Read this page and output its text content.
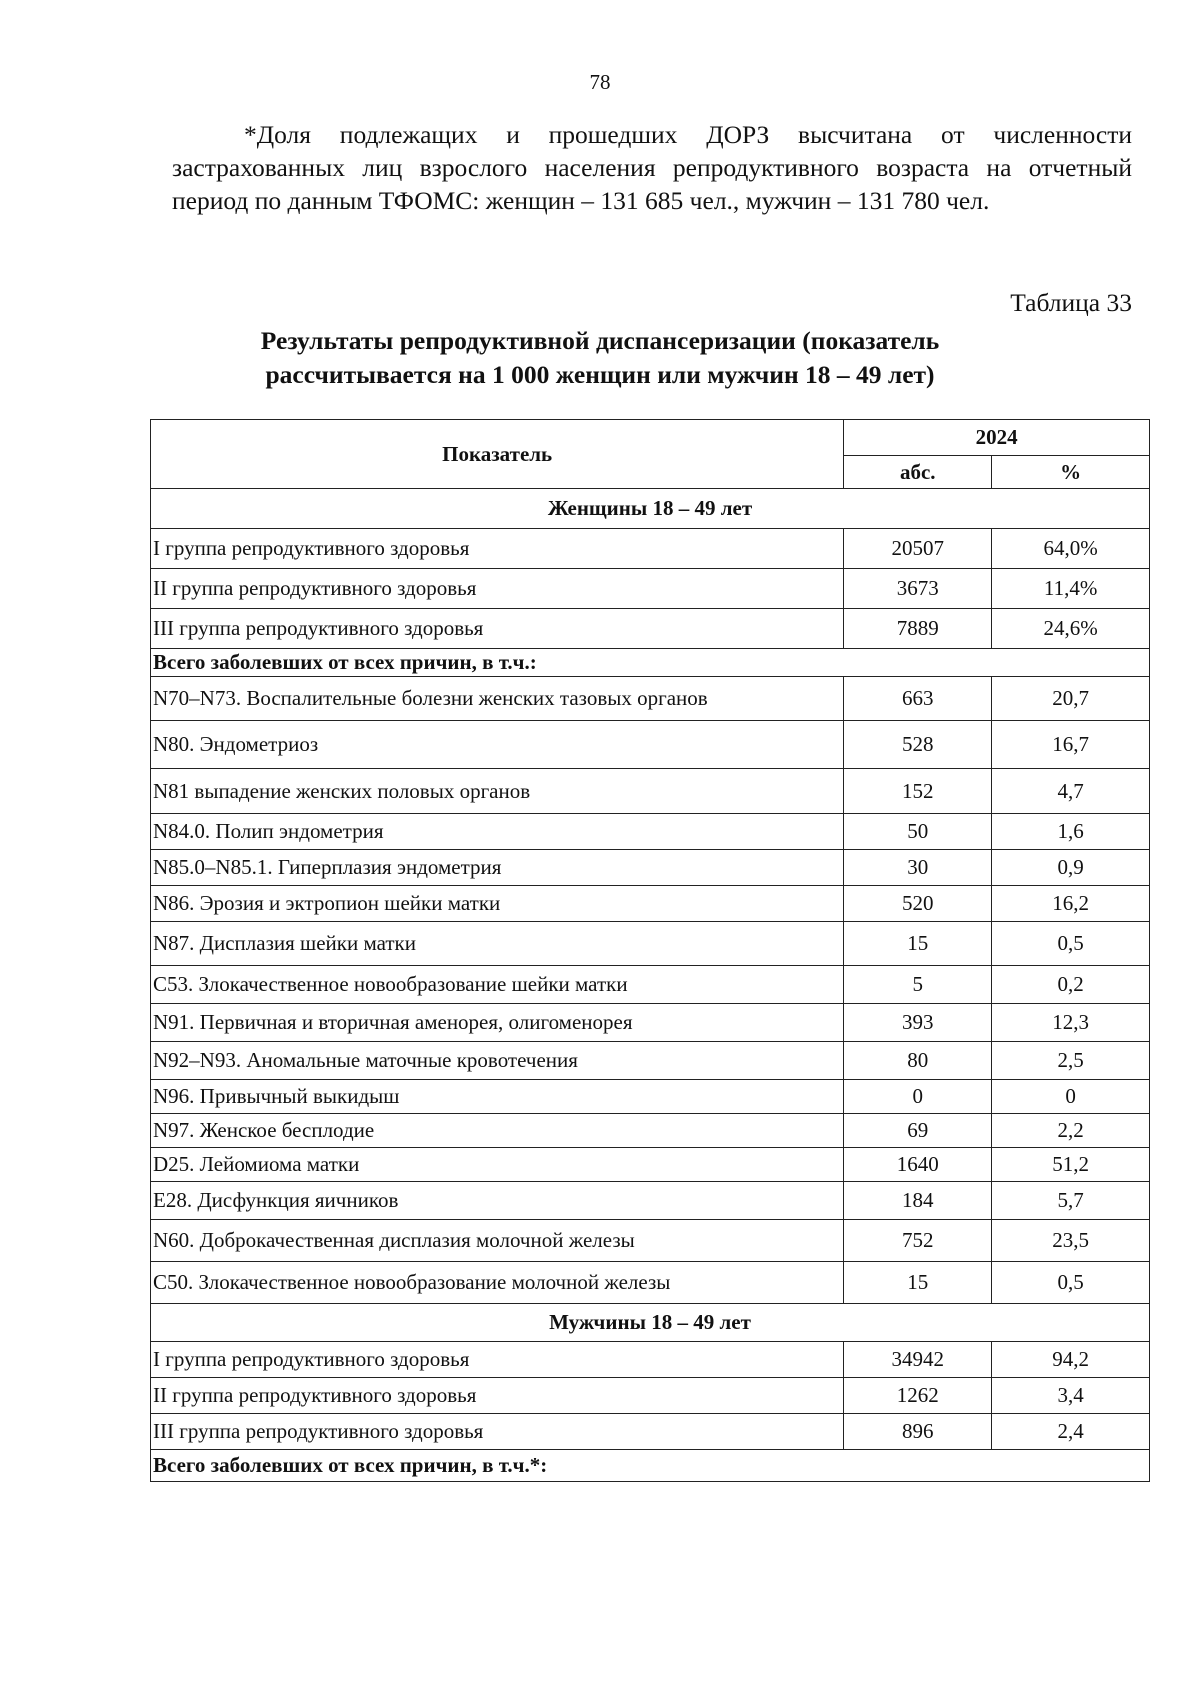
78

*Доля подлежащих и прошедших ДОРЗ высчитана от численности застрахованных лиц взрослого населения репродуктивного возраста на отчетный период по данным ТФОМС: женщин – 131 685 чел., мужчин – 131 780 чел.

Таблица 33
Результаты репродуктивной диспансеризации (показатель
рассчитывается на 1 000 женщин или мужчин 18 – 49 лет)
Показатель	2024	
	абс.	%
Женщины 18 – 49 лет		
I группа репродуктивного здоровья	20507	64,0%
II группа репродуктивного здоровья	3673	11,4%
III группа репродуктивного здоровья	7889	24,6%
Всего заболевших от всех причин, в т.ч.:		
N70–N73. Воспалительные болезни женских тазовых органов	663	20,7
N80. Эндометриоз	528	16,7
N81 выпадение женских половых органов	152	4,7
N84.0. Полип эндометрия	50	1,6
N85.0–N85.1. Гиперплазия эндометрия	30	0,9
N86. Эрозия и эктропион шейки матки	520	16,2
N87. Дисплазия шейки матки	15	0,5
C53. Злокачественное новообразование шейки матки	5	0,2
N91. Первичная и вторичная аменорея, олигоменорея	393	12,3
N92–N93. Аномальные маточные кровотечения	80	2,5
N96. Привычный выкидыш	0	0
N97. Женское бесплодие	69	2,2
D25. Лейомиома матки	1640	51,2
E28. Дисфункция яичников	184	5,7
N60. Доброкачественная дисплазия молочной железы	752	23,5
C50. Злокачественное новообразование молочной железы	15	0,5
Мужчины 18 – 49 лет		
I группа репродуктивного здоровья	34942	94,2
II группа репродуктивного здоровья	1262	3,4
III группа репродуктивного здоровья	896	2,4
Всего заболевших от всех причин, в т.ч.*:		
